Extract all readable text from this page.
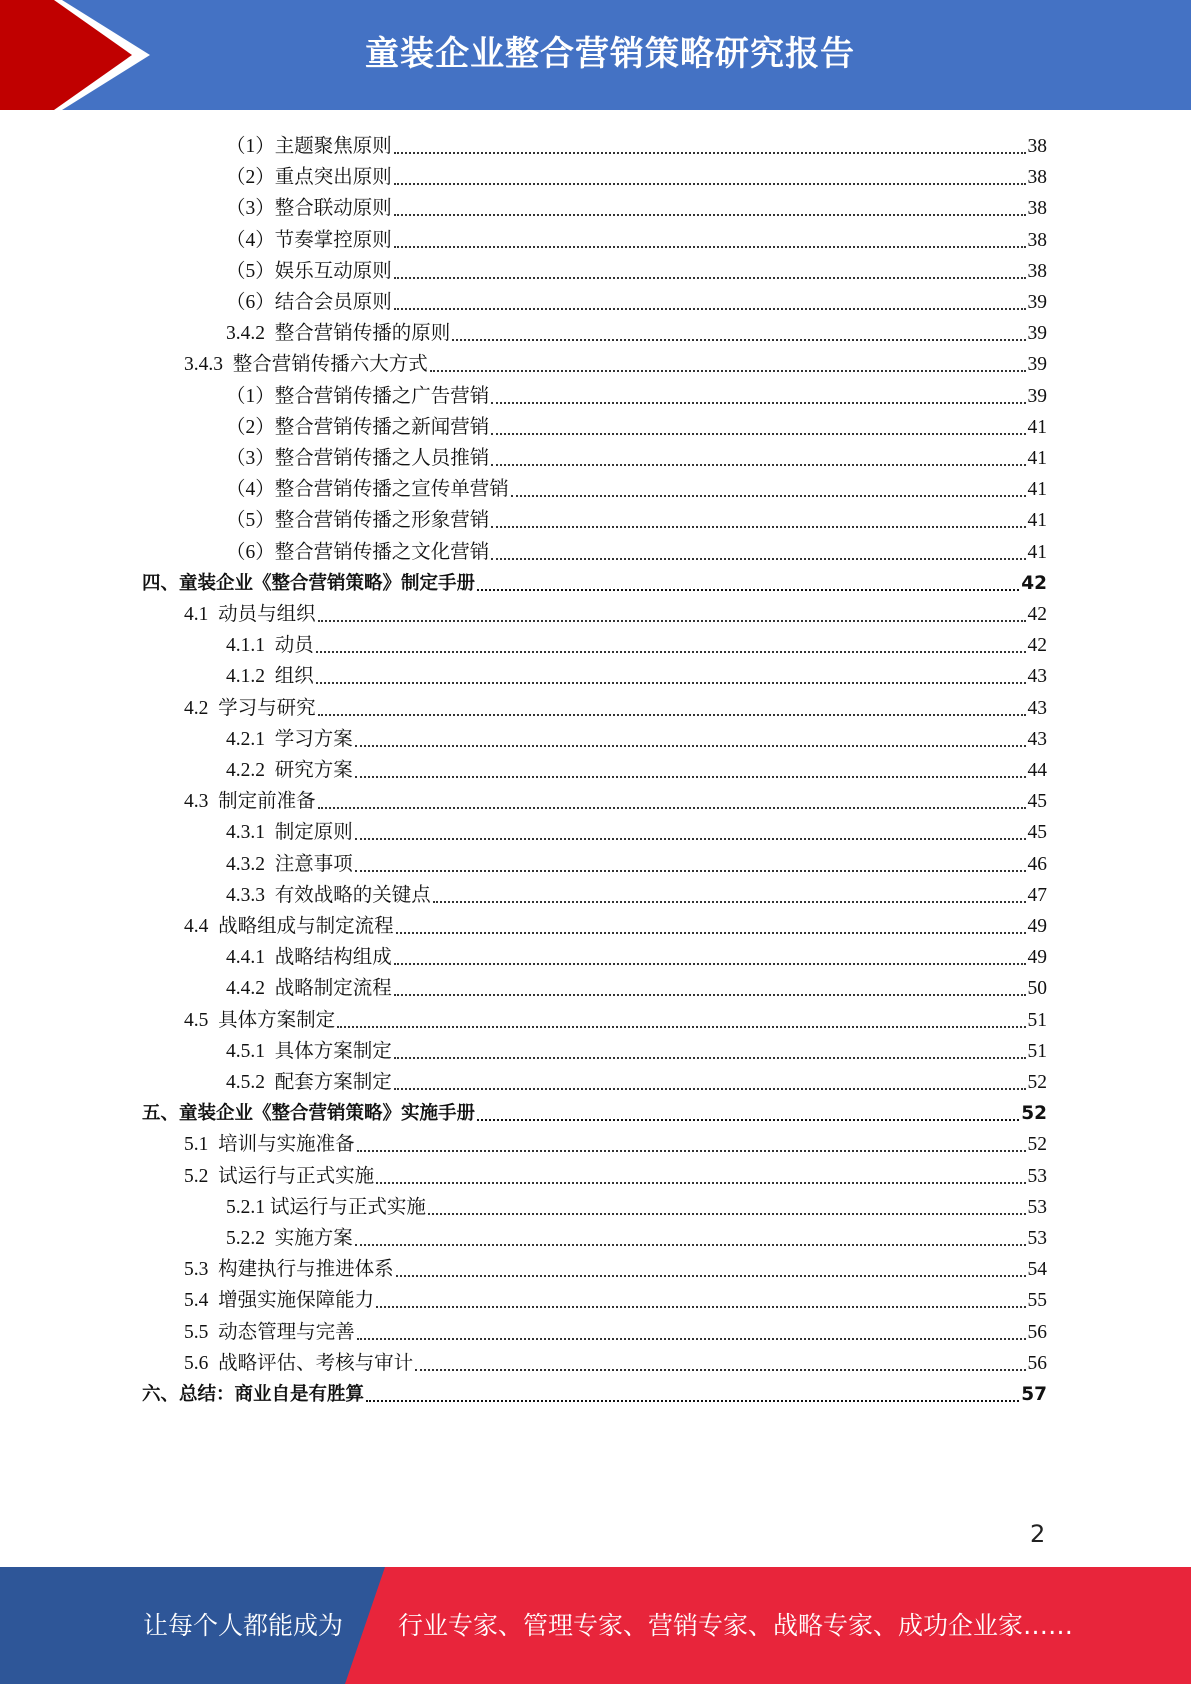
童装企业整合营销策略研究报告
（1）主题聚焦原则	38
（2）重点突出原则	38
（3）整合联动原则	38
（4）节奏掌控原则	38
（5）娱乐互动原则	38
（6）结合会员原则	39
3.4.2  整合营销传播的原则	39
3.4.3  整合营销传播六大方式	39
（1）整合营销传播之广告营销	39
（2）整合营销传播之新闻营销	41
（3）整合营销传播之人员推销	41
（4）整合营销传播之宣传单营销	41
（5）整合营销传播之形象营销	41
（6）整合营销传播之文化营销	41
四、童装企业《整合营销策略》制定手册	42
4.1  动员与组织	42
4.1.1  动员	42
4.1.2  组织	43
4.2  学习与研究	43
4.2.1  学习方案	43
4.2.2  研究方案	44
4.3  制定前准备	45
4.3.1  制定原则	45
4.3.2  注意事项	46
4.3.3  有效战略的关键点	47
4.4  战略组成与制定流程	49
4.4.1  战略结构组成	49
4.4.2  战略制定流程	50
4.5  具体方案制定	51
4.5.1  具体方案制定	51
4.5.2  配套方案制定	52
五、童装企业《整合营销策略》实施手册	52
5.1  培训与实施准备	52
5.2  试运行与正式实施	53
5.2.1 试运行与正式实施	53
5.2.2  实施方案	53
5.3  构建执行与推进体系	54
5.4  增强实施保障能力	55
5.5  动态管理与完善	56
5.6  战略评估、考核与审计	56
六、总结：商业自是有胜算	57
2
让每个人都能成为 行业专家、管理专家、营销专家、战略专家、成功企业家……
